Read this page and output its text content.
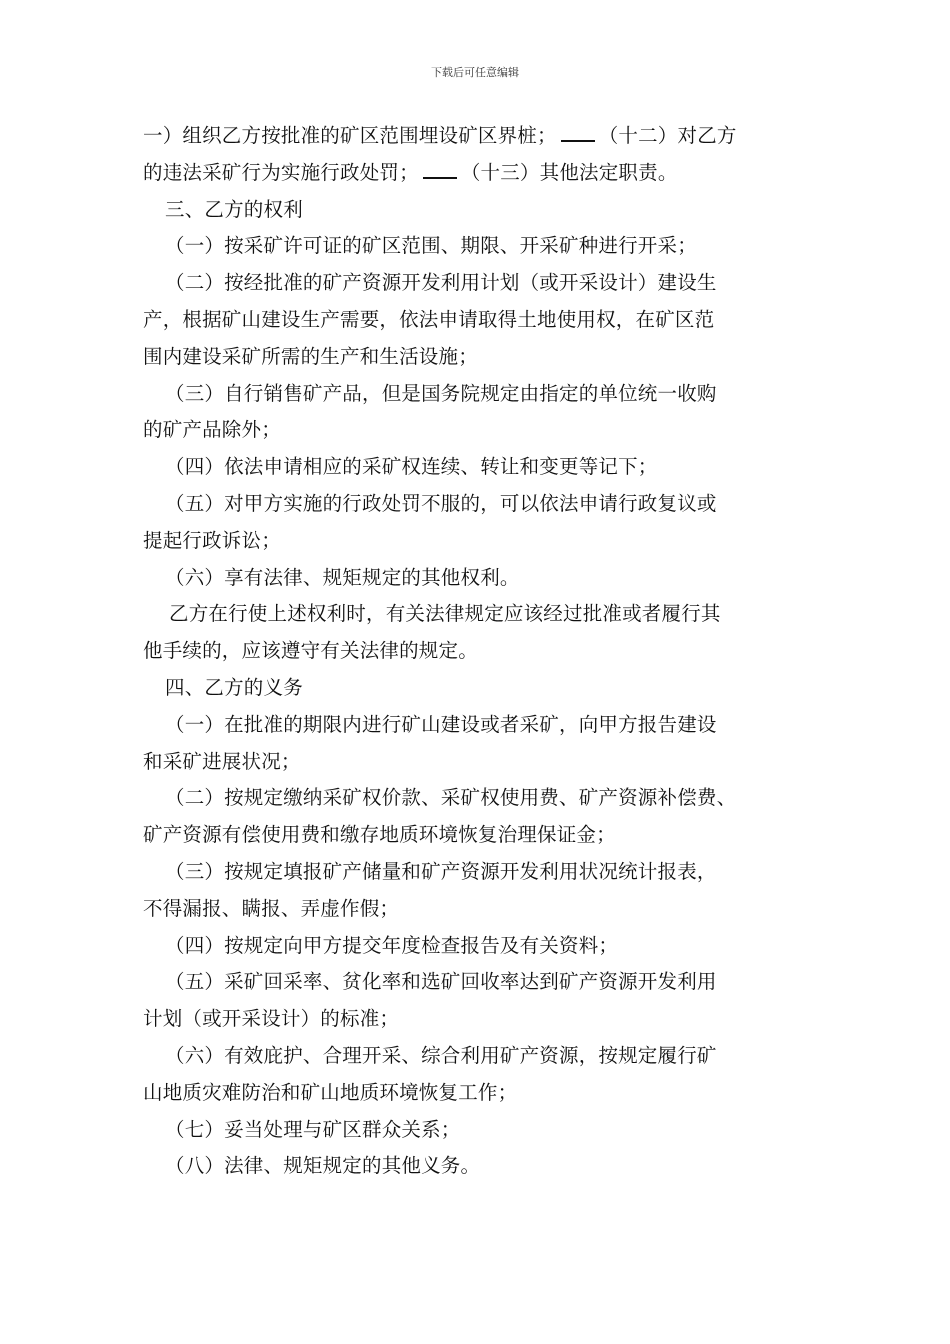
下载后可任意编辑
一）组织乙方按批准的矿区范围埋设矿区界桩； （十二）对乙方
的违法采矿行为实施行政处罚； （十三）其他法定职责。
三、乙方的权利
（一）按采矿许可证的矿区范围、期限、开采矿种进行开采；
（二）按经批准的矿产资源开发利用计划（或开采设计）建设生
产，根据矿山建设生产需要，依法申请取得土地使用权，在矿区范
围内建设采矿所需的生产和生活设施；
（三）自行销售矿产品，但是国务院规定由指定的单位统一收购
的矿产品除外；
（四）依法申请相应的采矿权连续、转让和变更等记下；
（五）对甲方实施的行政处罚不服的，可以依法申请行政复议或
提起行政诉讼；
（六）享有法律、规矩规定的其他权利。
乙方在行使上述权利时，有关法律规定应该经过批准或者履行其
他手续的，应该遵守有关法律的规定。
四、乙方的义务
（一）在批准的期限内进行矿山建设或者采矿，向甲方报告建设
和采矿进展状况；
（二）按规定缴纳采矿权价款、采矿权使用费、矿产资源补偿费、
矿产资源有偿使用费和缴存地质环境恢复治理保证金；
（三）按规定填报矿产储量和矿产资源开发利用状况统计报表，
不得漏报、瞒报、弄虚作假；
（四）按规定向甲方提交年度检查报告及有关资料；
（五）采矿回采率、贫化率和选矿回收率达到矿产资源开发利用
计划（或开采设计）的标准；
（六）有效庇护、合理开采、综合利用矿产资源，按规定履行矿
山地质灾难防治和矿山地质环境恢复工作；
（七）妥当处理与矿区群众关系；
（八）法律、规矩规定的其他义务。
